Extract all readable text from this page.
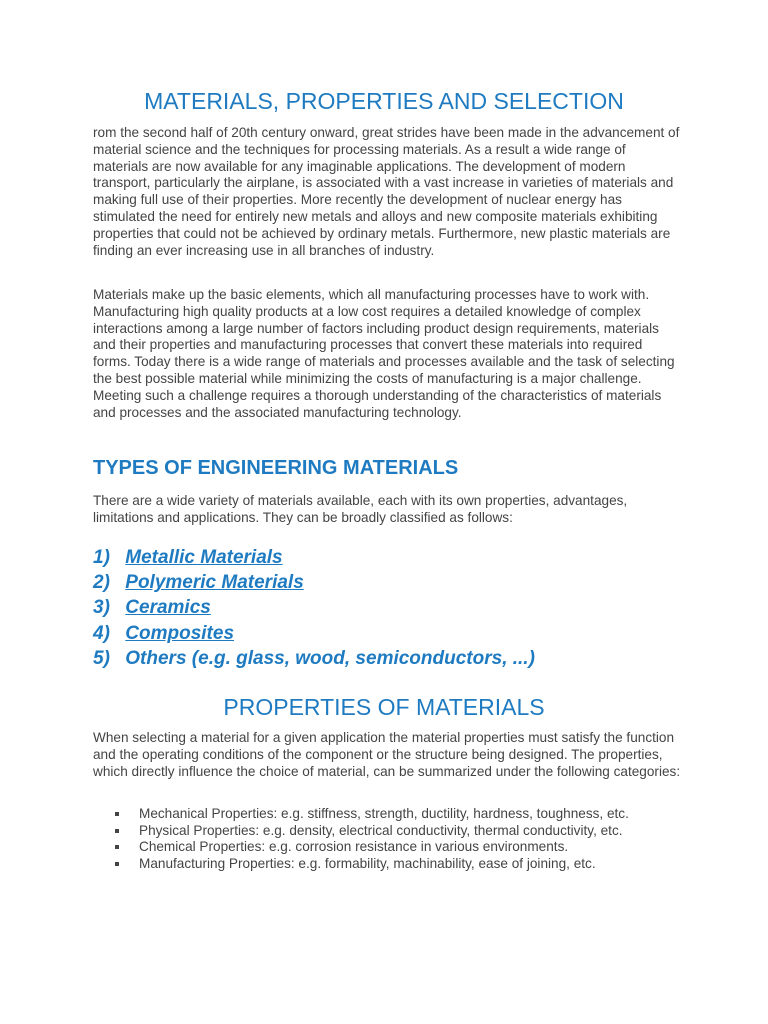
MATERIALS, PROPERTIES AND SELECTION

rom the second half of 20th century onward, great strides have been made in the advancement of material science and the techniques for processing materials. As a result a wide range of materials are now available for any imaginable applications. The development of modern transport, particularly the airplane, is associated with a vast increase in varieties of materials and making full use of their properties. More recently the development of nuclear energy has stimulated the need for entirely new metals and alloys and new composite materials exhibiting properties that could not be achieved by ordinary metals. Furthermore, new plastic materials are finding an ever increasing use in all branches of industry.

Materials make up the basic elements, which all manufacturing processes have to work with. Manufacturing high quality products at a low cost requires a detailed knowledge of complex interactions among a large number of factors including product design requirements, materials and their properties and manufacturing processes that convert these materials into required forms. Today there is a wide range of materials and processes available and the task of selecting the best possible material while minimizing the costs of manufacturing is a major challenge. Meeting such a challenge requires a thorough understanding of the characteristics of materials and processes and the associated manufacturing technology.

TYPES OF ENGINEERING MATERIALS

There are a wide variety of materials available, each with its own properties, advantages, limitations and applications. They can be broadly classified as follows:

1) Metallic Materials
2) Polymeric Materials
3) Ceramics
4) Composites
5) Others (e.g. glass, wood, semiconductors, ...)
PROPERTIES OF MATERIALS

When selecting a material for a given application the material properties must satisfy the function and the operating conditions of the component or the structure being designed. The properties, which directly influence the choice of material, can be summarized under the following categories:

Mechanical Properties: e.g. stiffness, strength, ductility, hardness, toughness, etc.
Physical Properties: e.g. density, electrical conductivity, thermal conductivity, etc.
Chemical Properties: e.g. corrosion resistance in various environments.
Manufacturing Properties: e.g. formability, machinability, ease of joining, etc.
